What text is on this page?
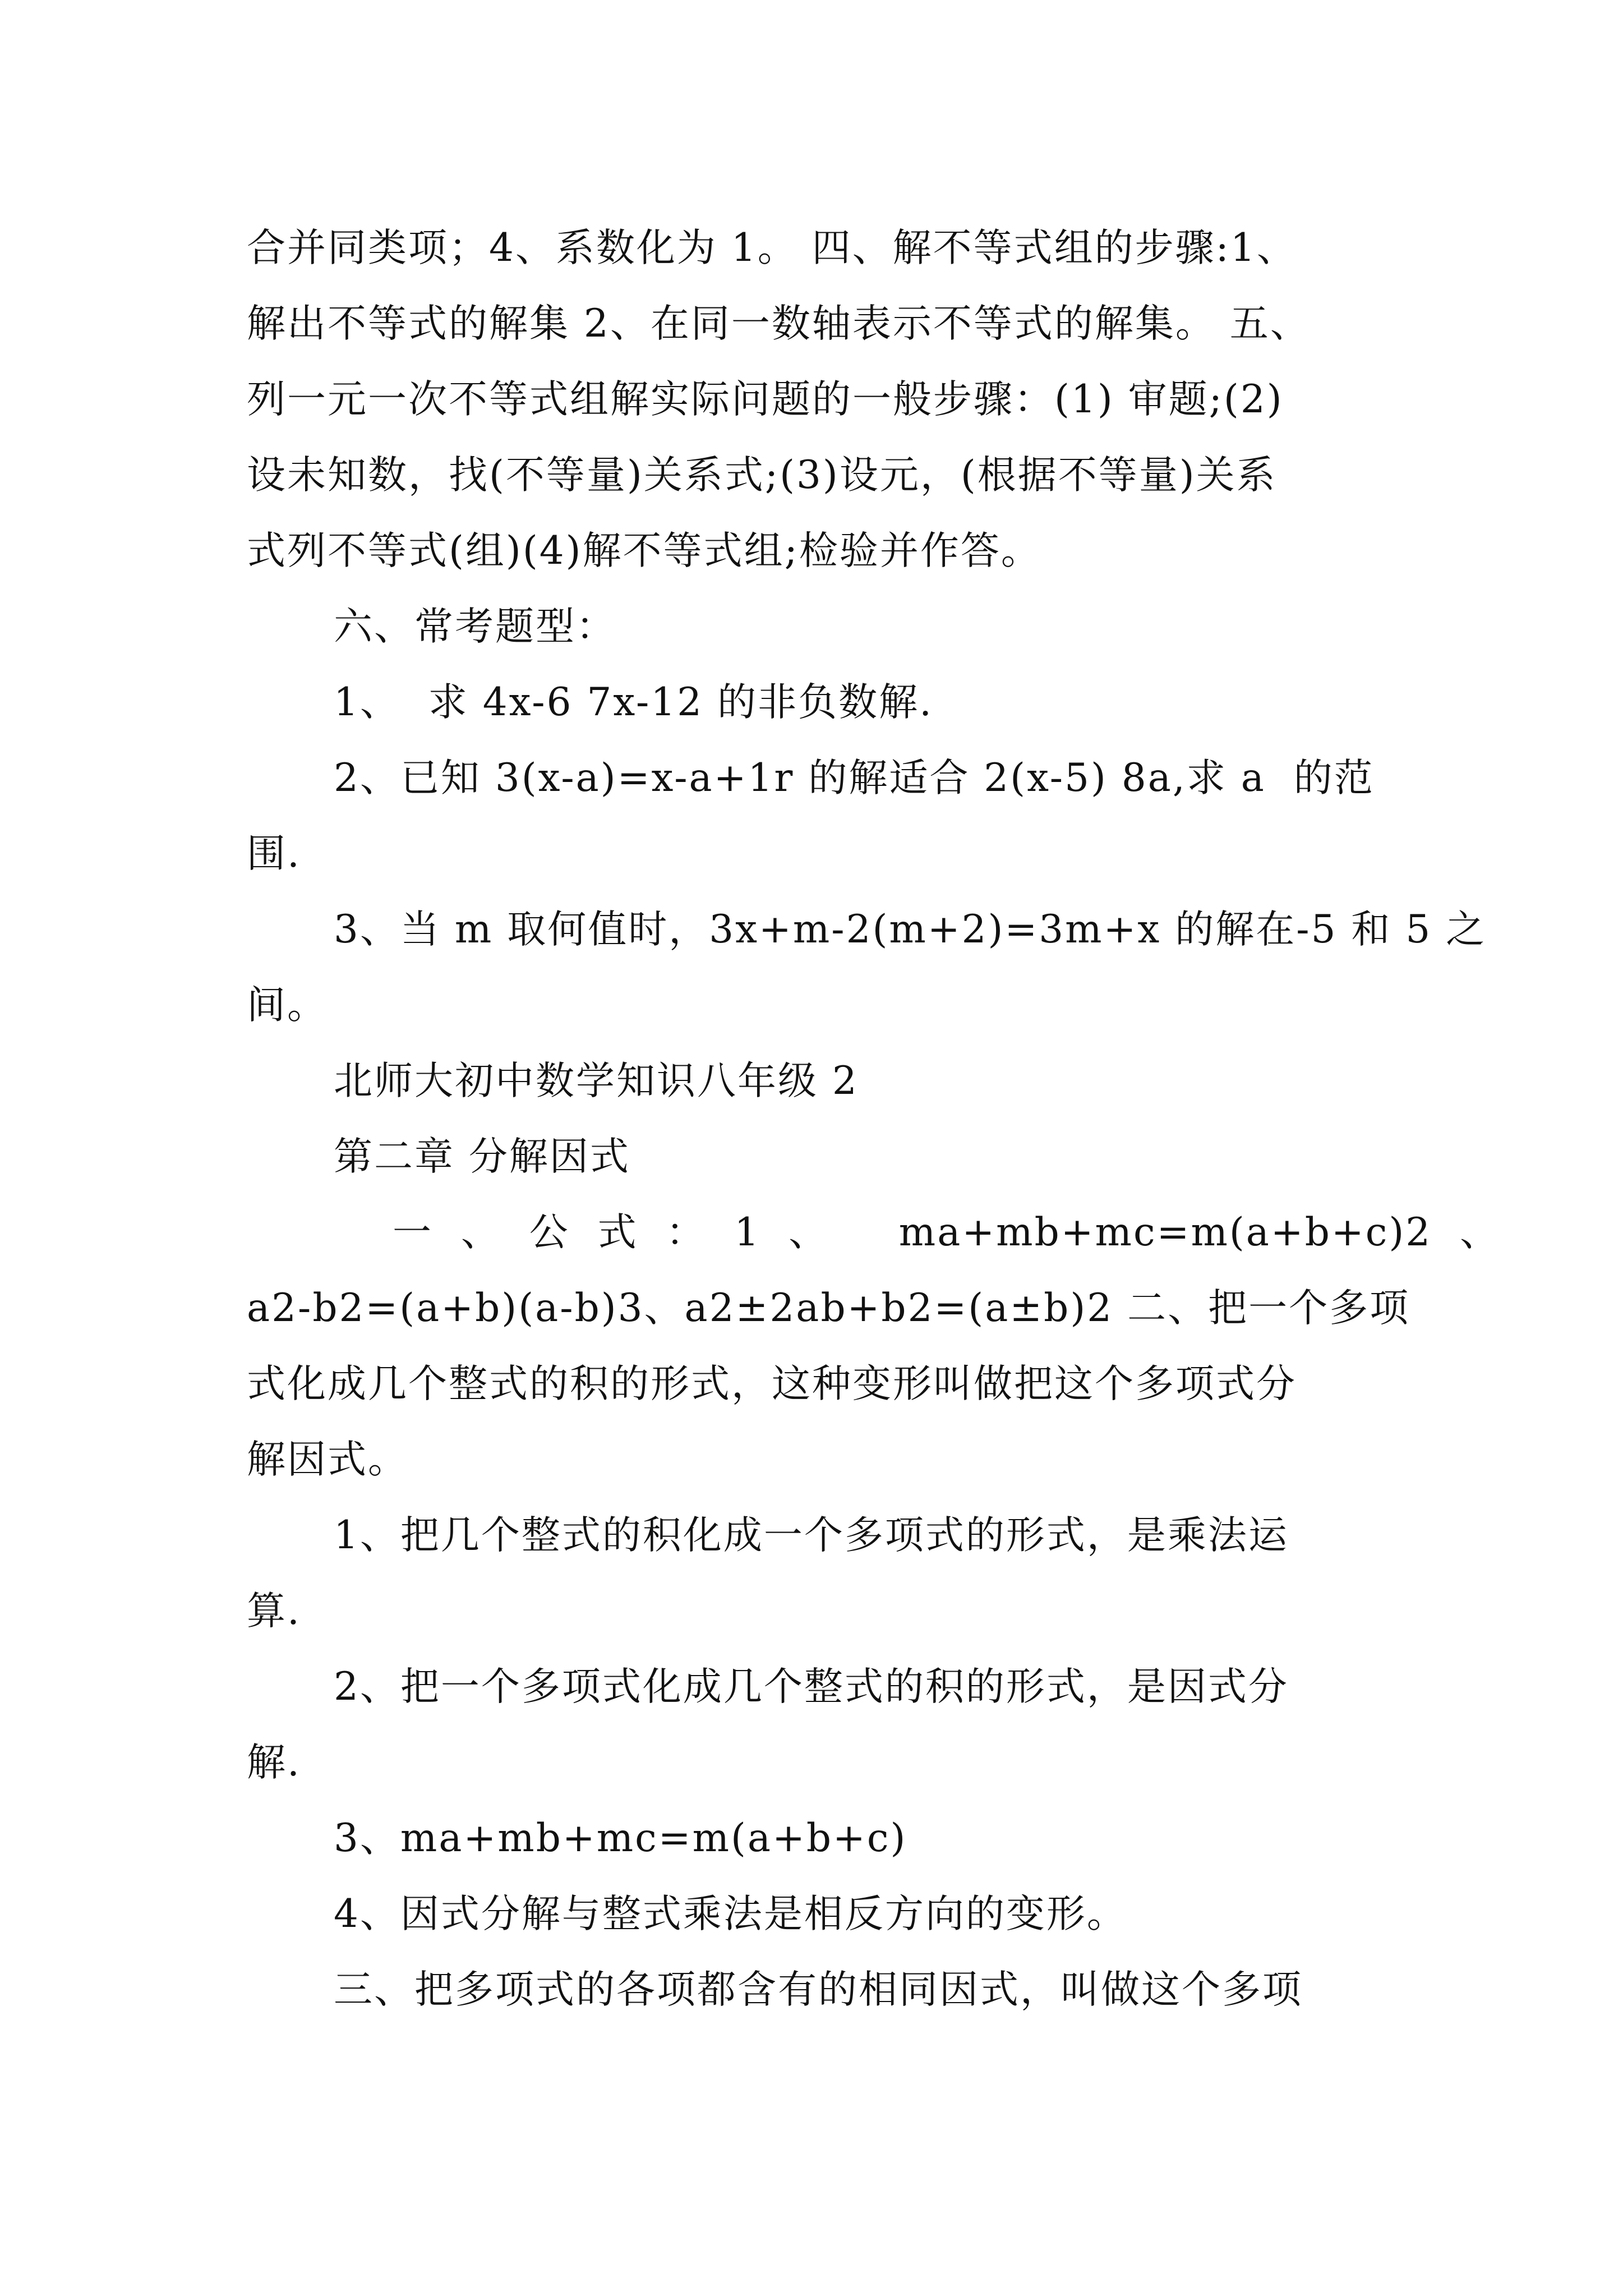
合并同类项；4、系数化为 1。 四、解不等式组的步骤:1、
解出不等式的解集 2、在同一数轴表示不等式的解集。 五、
列一元一次不等式组解实际问题的一般步骤：(1) 审题;(2)
设未知数，找(不等量)关系式;(3)设元，(根据不等量)关系
式列不等式(组)(4)解不等式组;检验并作答。
六、常考题型：
1、  求 4x-6 7x-12 的非负数解.
2、已知 3(x-a)=x-a+1r 的解适合 2(x-5) 8a,求 a  的范
围.
3、当 m 取何值时，3x+m-2(m+2)=3m+x 的解在-5 和 5 之
间。
北师大初中数学知识八年级 2
第二章 分解因式
一  、  公  式  ：  1  、     ma+mb+mc=m(a+b+c)2  、
a2-b2=(a+b)(a-b)3、a2±2ab+b2=(a±b)2 二、把一个多项
式化成几个整式的积的形式，这种变形叫做把这个多项式分
解因式。
1、把几个整式的积化成一个多项式的形式，是乘法运
算.
2、把一个多项式化成几个整式的积的形式，是因式分
解.
3、ma+mb+mc=m(a+b+c)
4、因式分解与整式乘法是相反方向的变形。
三、把多项式的各项都含有的相同因式，叫做这个多项
